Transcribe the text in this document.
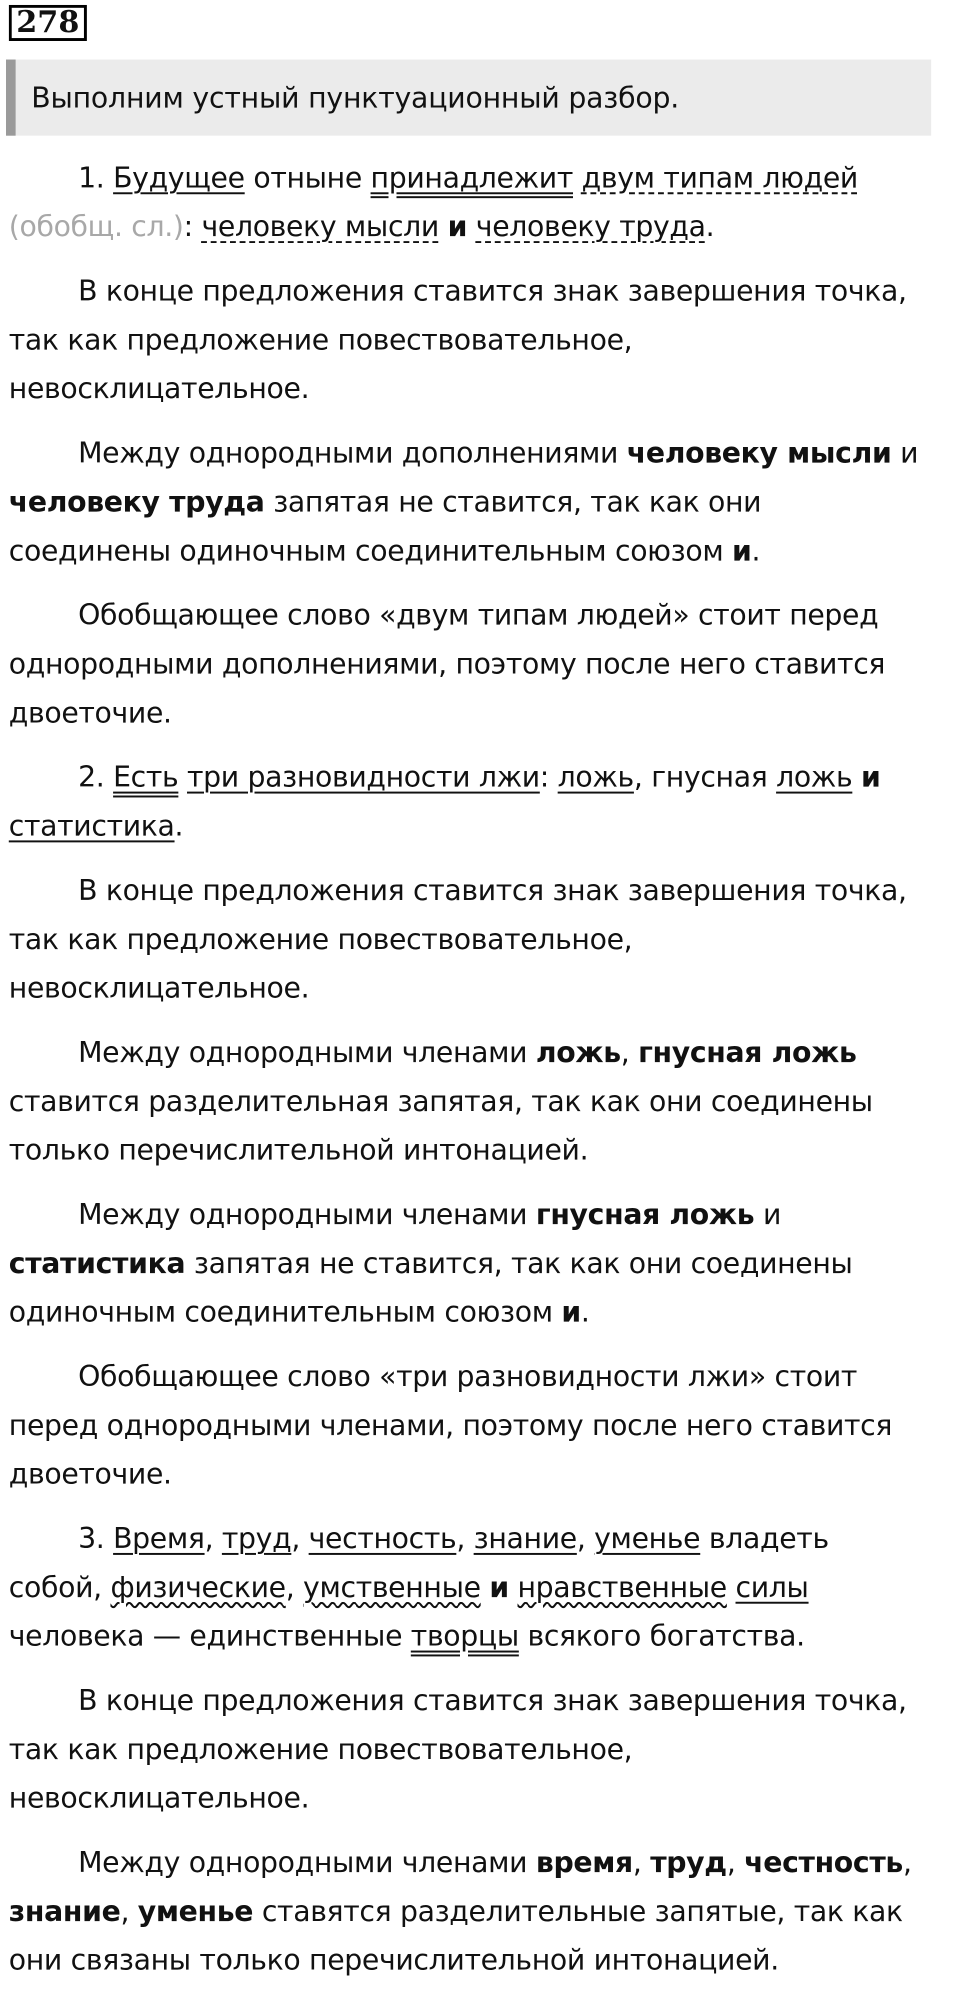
278
Выполним устный пунктуационный разбор.

1. Будущее отныне принадлежит двум типам людей (обобщ. сл.): человеку мысли и человеку труда.

В конце предложения ставится знак завершения точка, так как предложение повествовательное, невосклицательное.

Между однородными дополнениями человеку мысли и человеку труда запятая не ставится, так как они соединены одиночным соединительным союзом и.

Обобщающее слово «двум типам людей» стоит перед однородными дополнениями, поэтому после него ставится двоеточие.

2. Есть три разновидности лжи: ложь, гнусная ложь и статистика.

В конце предложения ставится знак завершения точка, так как предложение повествовательное, невосклицательное.

Между однородными членами ложь, гнусная ложь ставится разделительная запятая, так как они соединены только перечислительной интонацией.

Между однородными членами гнусная ложь и статистика запятая не ставится, так как они соединены одиночным соединительным союзом и.

Обобщающее слово «три разновидности лжи» стоит перед однородными членами, поэтому после него ставится двоеточие.

3. Время, труд, честность, знание, уменье владеть собой, физические, умственные и нравственные силы человека — единственные творцы всякого богатства.

В конце предложения ставится знак завершения точка, так как предложение повествовательное, невосклицательное.

Между однородными членами время, труд, честность, знание, уменье ставятся разделительные запятые, так как они связаны только перечислительной интонацией.
